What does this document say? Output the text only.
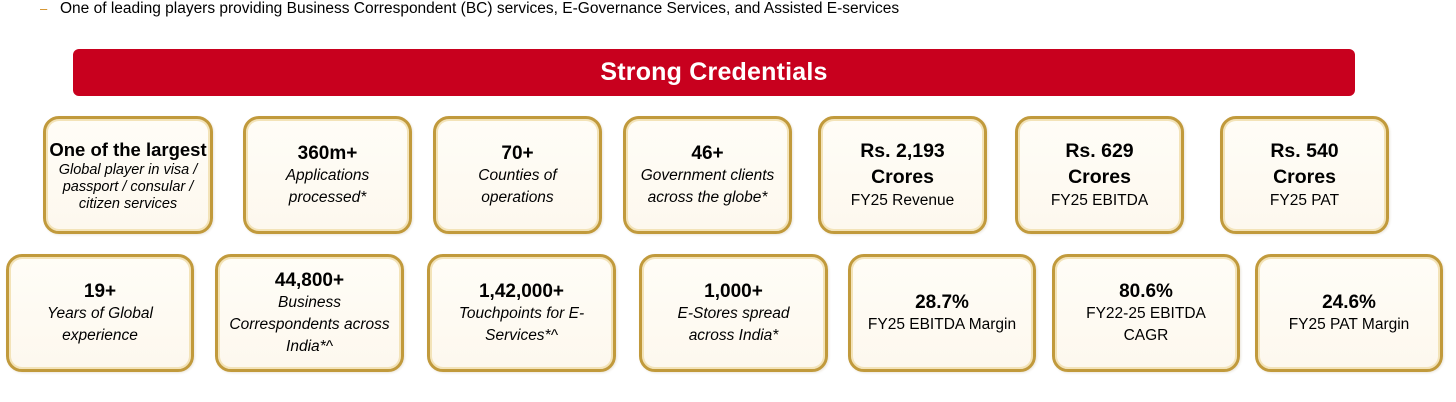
– One of leading players providing Business Correspondent (BC) services, E-Governance Services, and Assisted E-services
Strong Credentials
One of the largest
Global player in visa / passport / consular / citizen services
360m+
Applications processed*
70+
Counties of operations
46+
Government clients across the globe*
Rs. 2,193 Crores
FY25 Revenue
Rs. 629 Crores
FY25 EBITDA
Rs. 540 Crores
FY25 PAT
19+
Years of Global experience
44,800+
Business Correspondents across India*^
1,42,000+
Touchpoints for E-Services*^
1,000+
E-Stores spread across India*
28.7%
FY25 EBITDA Margin
80.6%
FY22-25 EBITDA CAGR
24.6%
FY25 PAT Margin
